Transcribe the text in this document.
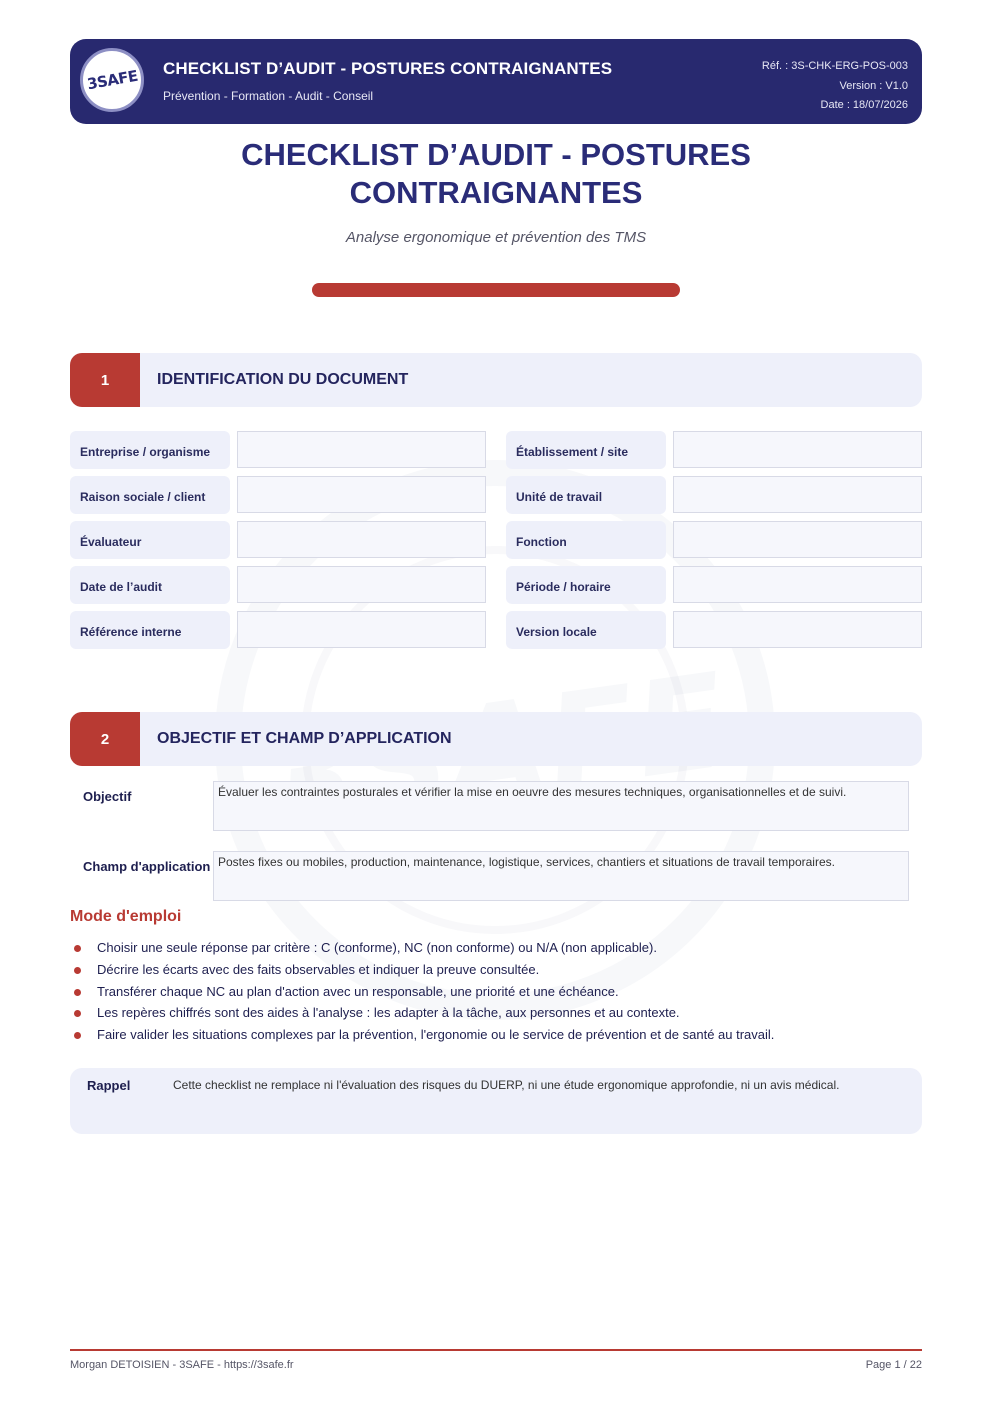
3SAFE CHECKLIST D’AUDIT - POSTURES CONTRAIGNANTES
Prévention - Formation - Audit - Conseil
Réf. : 3S-CHK-ERG-POS-003
Version : V1.0
Date : 18/07/2026
CHECKLIST D’AUDIT - POSTURES
CONTRAIGNANTES
Analyse ergonomique et prévention des TMS
1	IDENTIFICATION DU DOCUMENT
Entreprise / organisme	Établissement / site
Raison sociale / client	Unité de travail
Évaluateur	Fonction
Date de l’audit	Période / horaire
Référence interne	Version locale
2	OBJECTIF ET CHAMP D’APPLICATION
Objectif	Évaluer les contraintes posturales et vérifier la mise en oeuvre des mesures techniques, organisationnelles et de suivi.
Champ d'application Postes fixes ou mobiles, production, maintenance, logistique, services, chantiers et situations de travail temporaires.
Mode d'emploi
Choisir une seule réponse par critère : C (conforme), NC (non conforme) ou N/A (non applicable).
Décrire les écarts avec des faits observables et indiquer la preuve consultée.
Transférer chaque NC au plan d'action avec un responsable, une priorité et une échéance.
Les repères chiffrés sont des aides à l'analyse : les adapter à la tâche, aux personnes et au contexte.
Faire valider les situations complexes par la prévention, l'ergonomie ou le service de prévention et de santé au travail.
Rappel	Cette checklist ne remplace ni l'évaluation des risques du DUERP, ni une étude ergonomique approfondie, ni un avis médical.
Morgan DETOISIEN - 3SAFE - https://3safe.fr	Page 1 / 22
